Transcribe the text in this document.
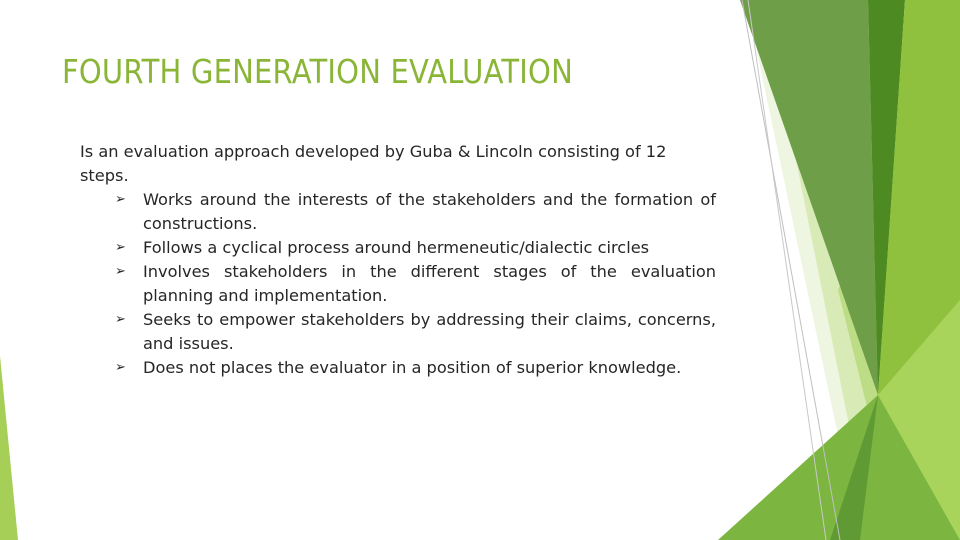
FOURTH GENERATION EVALUATION

Is an evaluation approach developed by Guba & Lincoln consisting of 12 steps.

➢	Works around the interests of the stakeholders and the formation of constructions.
➢	Follows a cyclical process around hermeneutic/dialectic circles
➢	Involves stakeholders in the different stages of the evaluation planning and implementation.
➢	Seeks to empower stakeholders by addressing their claims, concerns, and issues.
➢	Does not places the evaluator in a position of superior knowledge.
